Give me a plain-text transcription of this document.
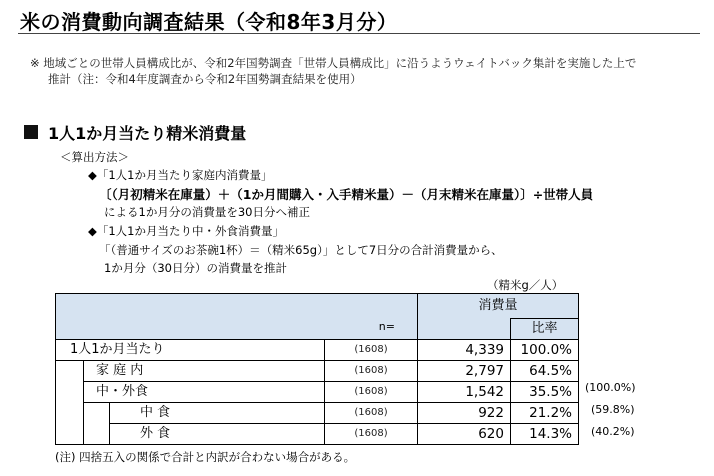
米の消費動向調査結果（令和8年3月分）
※ 地域ごとの世帯人員構成比が、令和2年国勢調査「世帯人員構成比」に沿うようウェイトバック集計を実施した上で
推計（注：令和4年度調査から令和2年国勢調査結果を使用）
1人1か月当たり精米消費量
＜算出方法＞
◆「1人1か月当たり家庭内消費量」
〔（月初精米在庫量）＋（1か月間購入・入手精米量）－（月末精米在庫量）〕÷世帯人員
による1か月分の消費量を30日分へ補正
◆「1人1か月当たり中・外食消費量」
「（普通サイズのお茶碗1杯）＝（精米65g）」として7日分の合計消費量から、
1か月分（30日分）の消費量を推計
（精米g／人）
n=				消費量	
					比率
1人1か月当たり			(1608)	4,339	100.0%
	家 庭 内		(1608)	2,797	64.5%
	中・外食		(1608)	1,542	35.5%
		中 食	(1608)	922	21.2%
		外 食	(1608)	620	14.3%
(100.0%)
(59.8%)
(40.2%)
(注) 四捨五入の関係で合計と内訳が合わない場合がある。
